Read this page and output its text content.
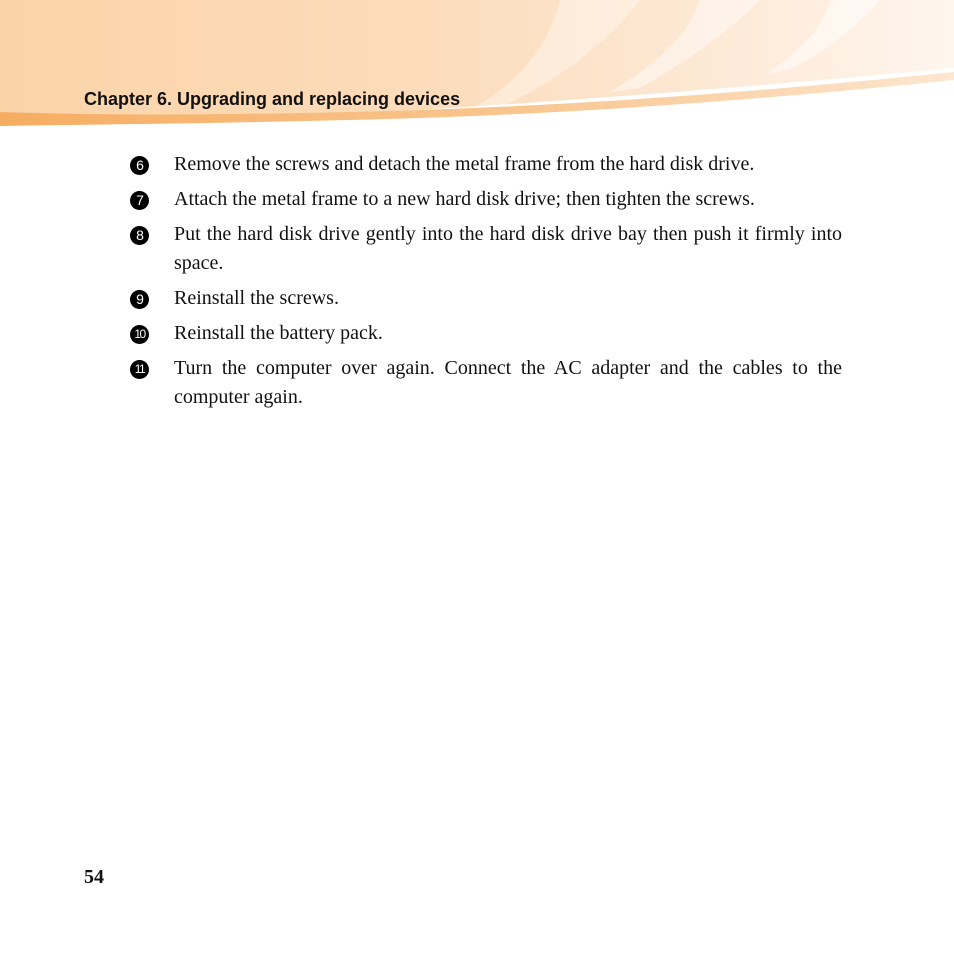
Chapter 6. Upgrading and replacing devices
6	Remove the screws and detach the metal frame from the hard disk drive.
7	Attach the metal frame to a new hard disk drive; then tighten the screws.
8	Put the hard disk drive gently into the hard disk drive bay then push it firmly into space.
9	Reinstall the screws.
10 Reinstall the battery pack.
11 Turn the computer over again. Connect the AC adapter and the cables to the computer again.
54
